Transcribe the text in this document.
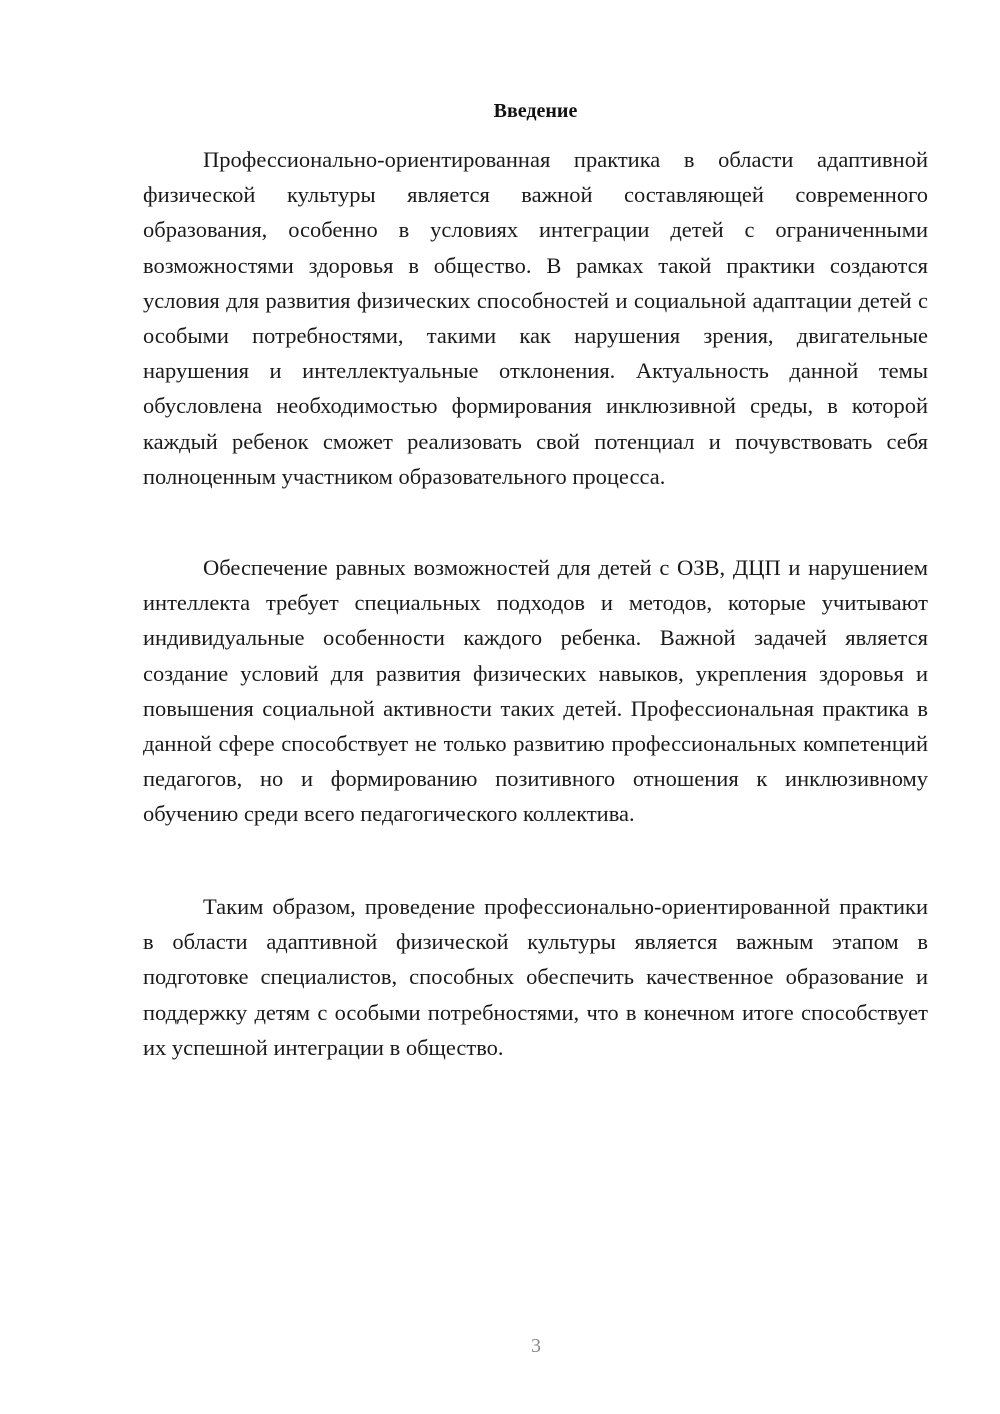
Введение

Профессионально-ориентированная практика в области адаптивной физической культуры является важной составляющей современного образования, особенно в условиях интеграции детей с ограниченными возможностями здоровья в общество. В рамках такой практики создаются условия для развития физических способностей и социальной адаптации детей с особыми потребностями, такими как нарушения зрения, двигательные нарушения и интеллектуальные отклонения. Актуальность данной темы обусловлена необходимостью формирования инклюзивной среды, в которой каждый ребенок сможет реализовать свой потенциал и почувствовать себя полноценным участником образовательного процесса.

Обеспечение равных возможностей для детей с ОЗВ, ДЦП и нарушением интеллекта требует специальных подходов и методов, которые учитывают индивидуальные особенности каждого ребенка. Важной задачей является создание условий для развития физических навыков, укрепления здоровья и повышения социальной активности таких детей. Профессиональная практика в данной сфере способствует не только развитию профессиональных компетенций педагогов, но и формированию позитивного отношения к инклюзивному обучению среди всего педагогического коллектива.

Таким образом, проведение профессионально-ориентированной практики в области адаптивной физической культуры является важным этапом в подготовке специалистов, способных обеспечить качественное образование и поддержку детям с особыми потребностями, что в конечном итоге способствует их успешной интеграции в общество.

3
